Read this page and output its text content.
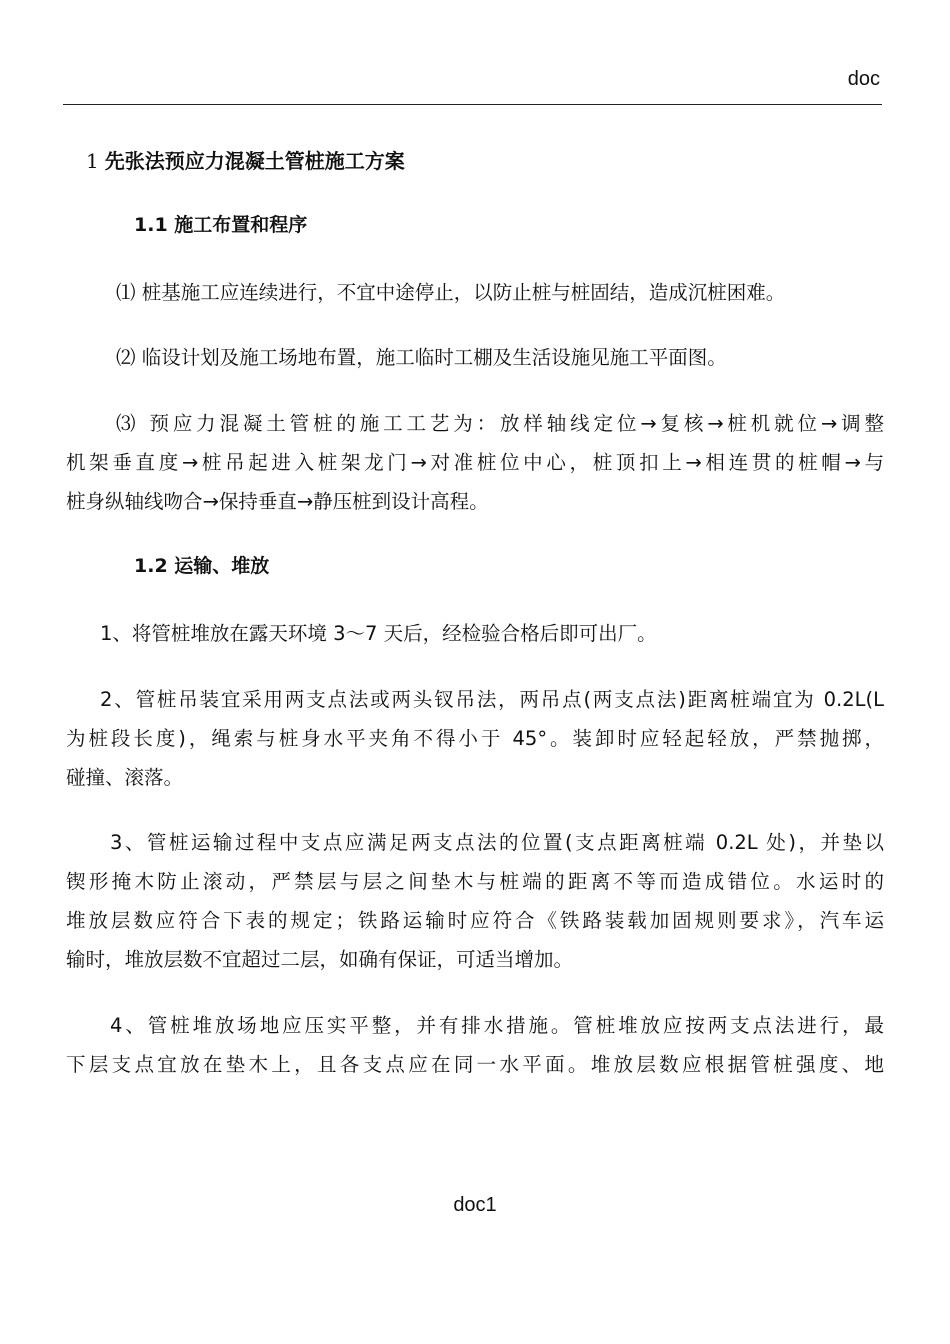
doc
1 先张法预应力混凝土管桩施工方案
1.1 施工布置和程序

⑴ 桩基施工应连续进行，不宜中途停止，以防止桩与桩固结，造成沉桩困难。

⑵ 临设计划及施工场地布置，施工临时工棚及生活设施见施工平面图。

⑶ 预应力混凝土管桩的施工工艺为：放样轴线定位→复核→桩机就位→调整
机架垂直度→桩吊起进入桩架龙门→对准桩位中心，桩顶扣上→相连贯的桩帽→与
桩身纵轴线吻合→保持垂直→静压桩到设计高程。

1.2 运输、堆放

1、将管桩堆放在露天环境 3～7 天后，经检验合格后即可出厂。

2、管桩吊装宜采用两支点法或两头钗吊法，两吊点(两支点法)距离桩端宜为 0.2L(L
为桩段长度)，绳索与桩身水平夹角不得小于 45°。装卸时应轻起轻放，严禁抛掷，
碰撞、滚落。

3、管桩运输过程中支点应满足两支点法的位置(支点距离桩端 0.2L 处)，并垫以
锲形掩木防止滚动，严禁层与层之间垫木与桩端的距离不等而造成错位。水运时的
堆放层数应符合下表的规定；铁路运输时应符合《铁路装载加固规则要求》，汽车运
输时，堆放层数不宜超过二层，如确有保证，可适当增加。

4、管桩堆放场地应压实平整，并有排水措施。管桩堆放应按两支点法进行，最
下层支点宜放在垫木上，且各支点应在同一水平面。堆放层数应根据管桩强度、地

doc1
